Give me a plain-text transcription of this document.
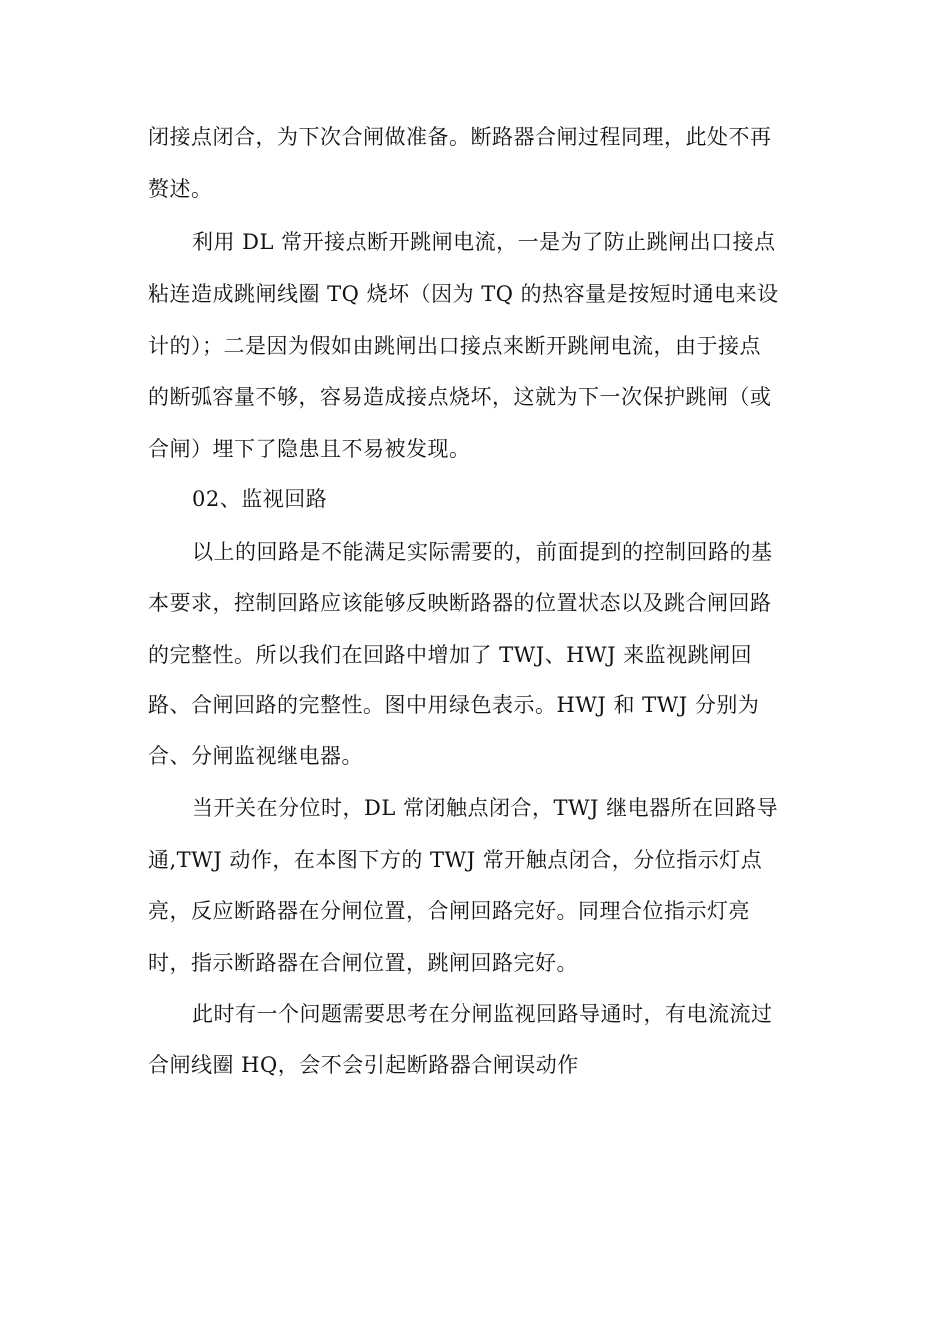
闭接点闭合，为下次合闸做准备。断路器合闸过程同理，此处不再
赘述。
利用 DL 常开接点断开跳闸电流，一是为了防止跳闸出口接点
粘连造成跳闸线圈 TQ 烧坏（因为 TQ 的热容量是按短时通电来设
计的）；二是因为假如由跳闸出口接点来断开跳闸电流，由于接点
的断弧容量不够，容易造成接点烧坏，这就为下一次保护跳闸（或
合闸）埋下了隐患且不易被发现。
02、监视回路
以上的回路是不能满足实际需要的，前面提到的控制回路的基
本要求，控制回路应该能够反映断路器的位置状态以及跳合闸回路
的完整性。所以我们在回路中增加了 TWJ、HWJ 来监视跳闸回
路、合闸回路的完整性。图中用绿色表示。HWJ 和 TWJ 分别为
合、分闸监视继电器。
当开关在分位时，DL 常闭触点闭合，TWJ 继电器所在回路导
通,TWJ 动作，在本图下方的 TWJ 常开触点闭合，分位指示灯点
亮，反应断路器在分闸位置，合闸回路完好。同理合位指示灯亮
时，指示断路器在合闸位置，跳闸回路完好。
此时有一个问题需要思考在分闸监视回路导通时，有电流流过
合闸线圈 HQ，会不会引起断路器合闸误动作
